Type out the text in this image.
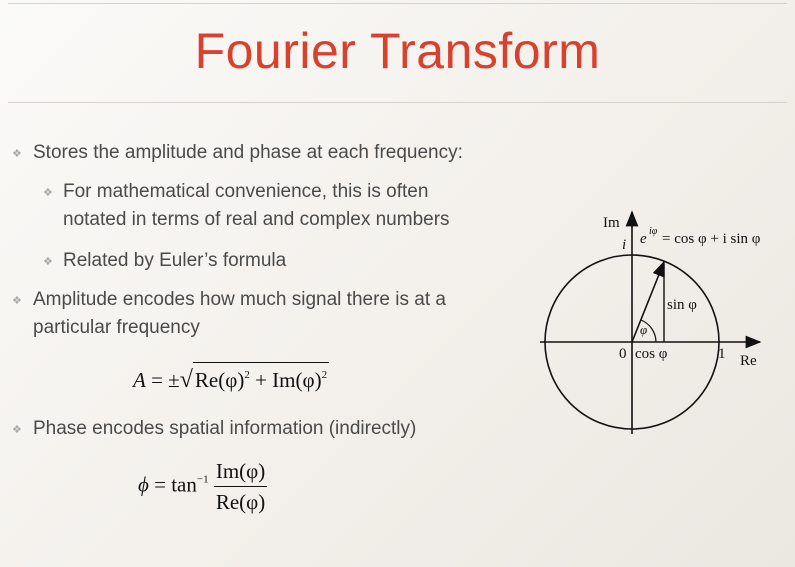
Fourier Transform
❖ Stores the amplitude and phase at each frequency:
❖ For mathematical convenience, this is often
notated in terms of real and complex numbers
❖ Related by Euler’s formula
❖ Amplitude encodes how much signal there is at a
particular frequency
$A = \pm√Re(\varphi)^2 + Im(\varphi)^2$
❖ Phase encodes spatial information (indirectly)
$\phi = \tan^{-1} \frac{Im(\varphi)}{Re(\varphi)}$
Im
i e iφ = cos φ + i sin φ
sin φ
φ
0 cos φ	1 Re
